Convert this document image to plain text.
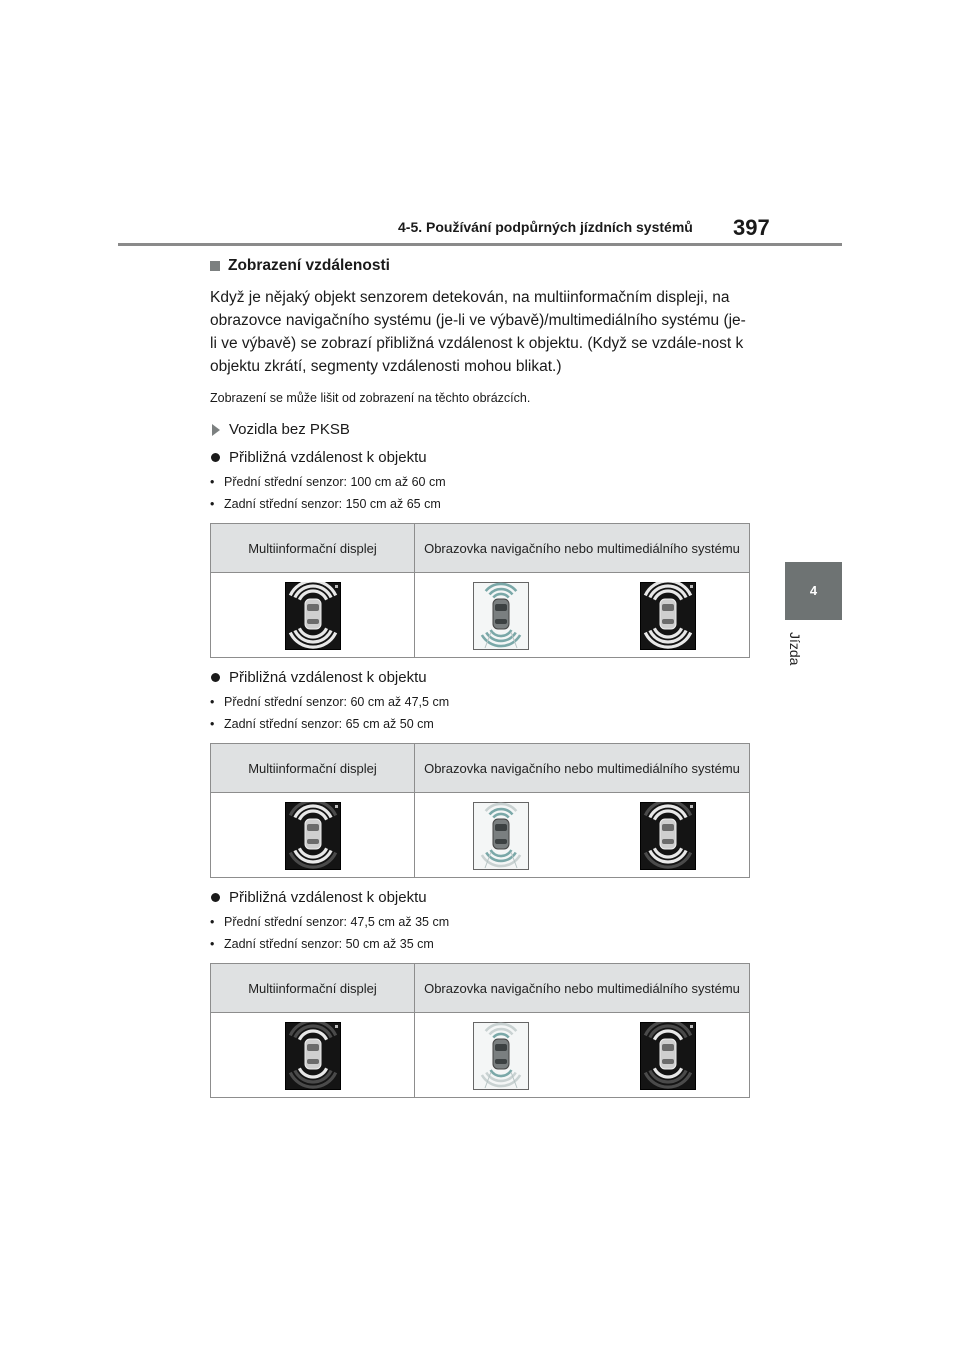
4-5. Používání podpůrných jízdních systémů 397
4
Jízda
Zobrazení vzdálenosti
Když je nějaký objekt senzorem detekován, na multiinformačním displeji, na obrazovce navigačního systému (je-li ve výbavě)/multimediálního systému (je-li ve výbavě) se zobrazí přibližná vzdálenost k objektu. (Když se vzdále-nost k objektu zkrátí, segmenty vzdálenosti mohou blikat.)
Zobrazení se může lišit od zobrazení na těchto obrázcích.
Vozidla bez PKSB
Přibližná vzdálenost k objektu
• Přední střední senzor: 100 cm až 60 cm
• Zadní střední senzor: 150 cm až 65 cm
Multiinformační displej	Obrazovka navigačního nebo multimediálního systému

Přibližná vzdálenost k objektu
• Přední střední senzor: 60 cm až 47,5 cm
• Zadní střední senzor: 65 cm až 50 cm
Multiinformační displej	Obrazovka navigačního nebo multimediálního systému

Přibližná vzdálenost k objektu
• Přední střední senzor: 47,5 cm až 35 cm
• Zadní střední senzor: 50 cm až 35 cm
Multiinformační displej	Obrazovka navigačního nebo multimediálního systému
